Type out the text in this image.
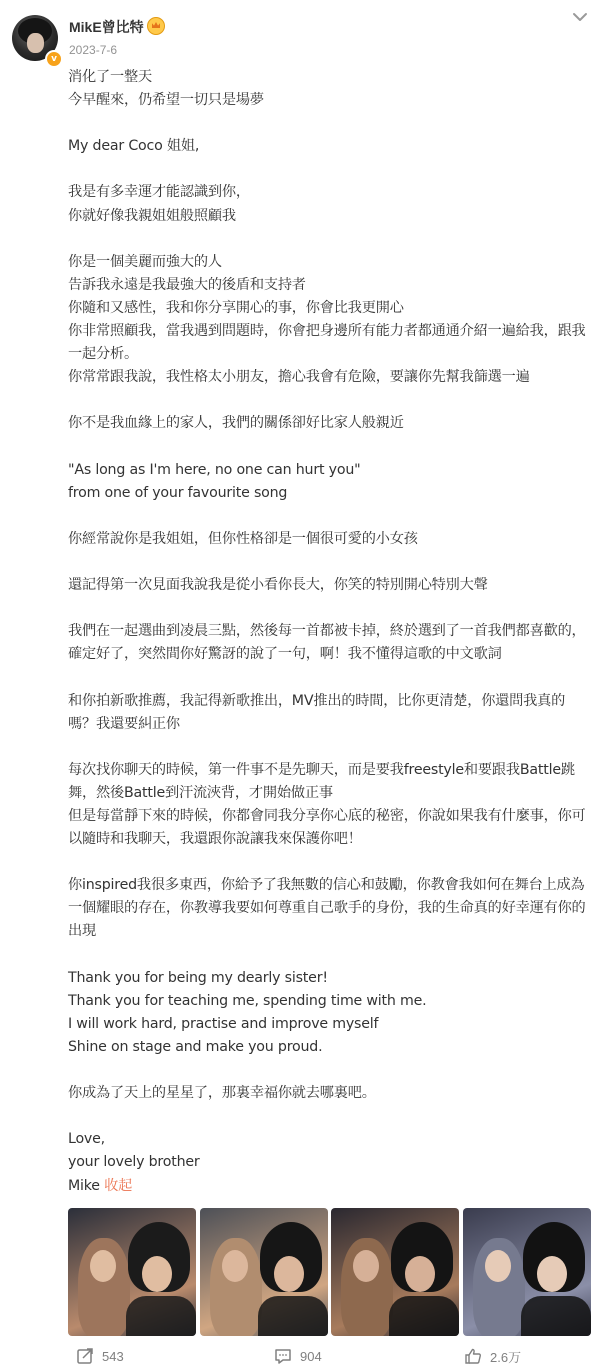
v
MikE曾比特
2023-7-6
消化了一整天
今早醒來，仍希望一切只是場夢
My dear Coco 姐姐,
我是有多幸運才能認識到你，
你就好像我親姐姐般照顧我
你是一個美麗而強大的人
告訴我永遠是我最強大的後盾和支持者
你隨和又感性，我和你分享開心的事，你會比我更開心
你非常照顧我，當我遇到問題時，你會把身邊所有能力者都通通介紹一遍給我，跟我一起分析。
你常常跟我說，我性格太小朋友，擔心我會有危險，要讓你先幫我篩選一遍
你不是我血緣上的家人，我們的關係卻好比家人般親近
"As long as I'm here, no one can hurt you"
from one of your favourite song
你經常說你是我姐姐，但你性格卻是一個很可愛的小女孩
還記得第一次見面我說我是從小看你長大，你笑的特別開心特別大聲
我們在一起選曲到凌晨三點，然後每一首都被卡掉，終於選到了一首我們都喜歡的，確定好了，突然間你好驚訝的說了一句，啊！我不懂得這歌的中文歌詞
和你拍新歌推薦，我記得新歌推出，MV推出的時間，比你更清楚，你還問我真的嗎？我還要糾正你
每次找你聊天的時候，第一件事不是先聊天，而是要我freestyle和要跟我Battle跳舞，然後Battle到汗流浹背，才開始做正事
但是每當靜下來的時候，你都會同我分享你心底的秘密，你說如果我有什麼事，你可以隨時和我聊天，我還跟你說讓我來保護你吧！
你inspired我很多東西，你給予了我無數的信心和鼓勵，你教會我如何在舞台上成為一個耀眼的存在，你教導我要如何尊重自己歌手的身份，我的生命真的好幸運有你的出現
Thank you for being my dearly sister!
Thank you for teaching me, spending time with me.
I will work hard, practise and improve myself
Shine on stage and make you proud.
你成為了天上的星星了，那裏幸福你就去哪裏吧。
Love,
your lovely brother
Mike 收起
543	904	2.6万
